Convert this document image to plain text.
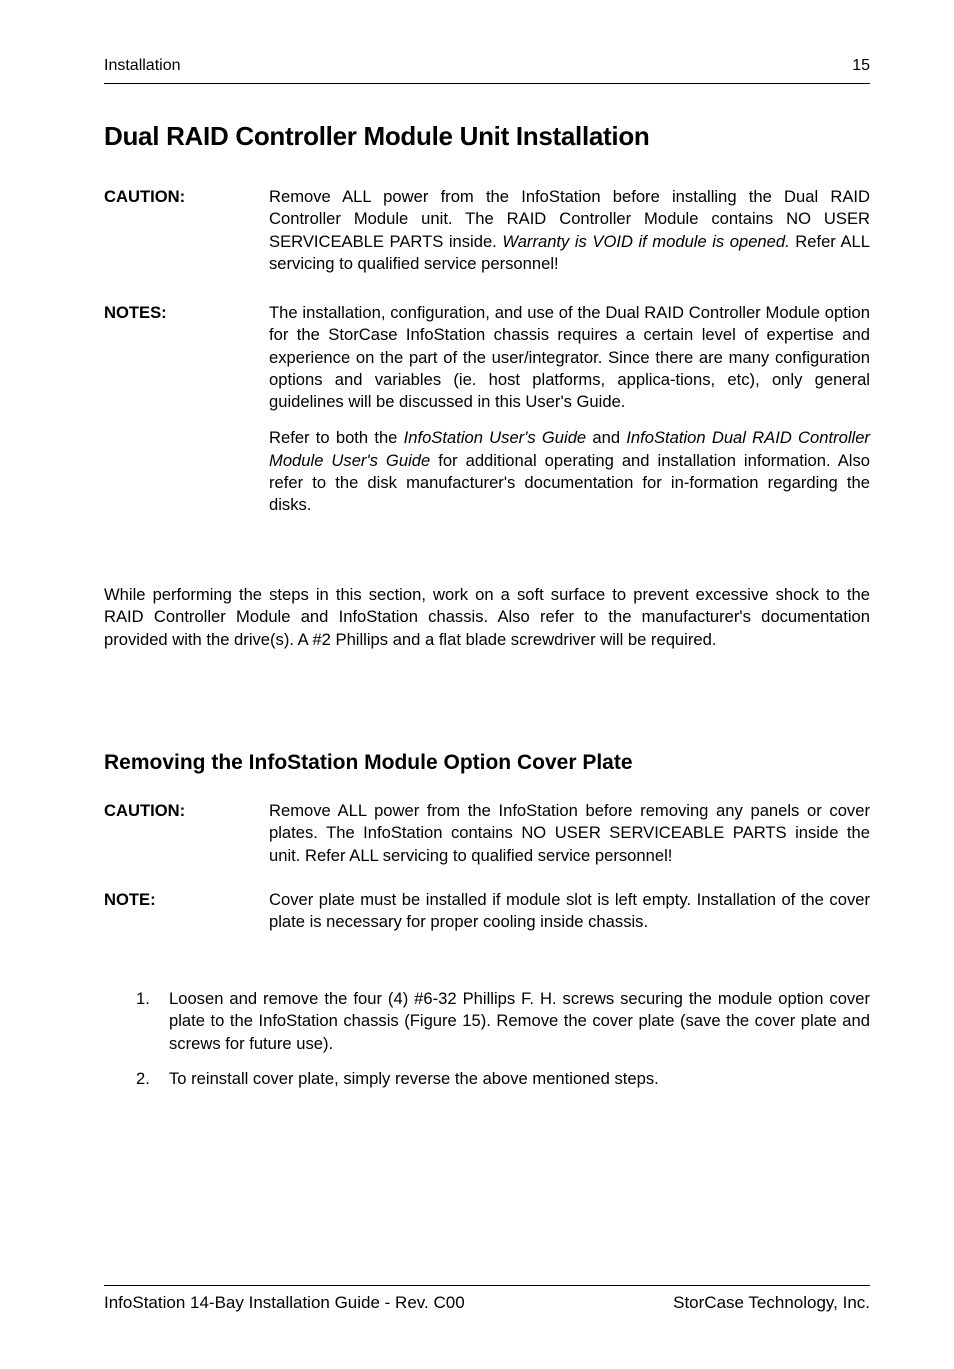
Installation	15
Dual RAID Controller Module Unit Installation
CAUTION:	Remove ALL power from the InfoStation before installing the Dual RAID Controller Module unit. The RAID Controller Module contains NO USER SERVICEABLE PARTS inside. Warranty is VOID if module is opened. Refer ALL servicing to qualified service personnel!
NOTES:	The installation, configuration, and use of the Dual RAID Controller Module option for the StorCase InfoStation chassis requires a certain level of expertise and experience on the part of the user/integrator. Since there are many configuration options and variables (ie. host platforms, applica-tions, etc), only general guidelines will be discussed in this User's Guide.

Refer to both the InfoStation User's Guide and InfoStation Dual RAID Controller Module User's Guide for additional operating and installation information. Also refer to the disk manufacturer's documentation for in-formation regarding the disks.

While performing the steps in this section, work on a soft surface to prevent excessive shock to the RAID Controller Module and InfoStation chassis. Also refer to the manufacturer's documentation provided with the drive(s). A #2 Phillips and a flat blade screwdriver will be required.

Removing the InfoStation Module Option Cover Plate
CAUTION:	Remove ALL power from the InfoStation before removing any panels or cover plates. The InfoStation contains NO USER SERVICEABLE PARTS inside the unit. Refer ALL servicing to qualified service personnel!
NOTE:	Cover plate must be installed if module slot is left empty. Installation of the cover plate is necessary for proper cooling inside chassis.
1. Loosen and remove the four (4) #6-32 Phillips F. H. screws securing the module option cover plate to the InfoStation chassis (Figure 15). Remove the cover plate (save the cover plate and screws for future use).
2. To reinstall cover plate, simply reverse the above mentioned steps.
InfoStation 14-Bay Installation Guide - Rev. C00	StorCase Technology, Inc.
